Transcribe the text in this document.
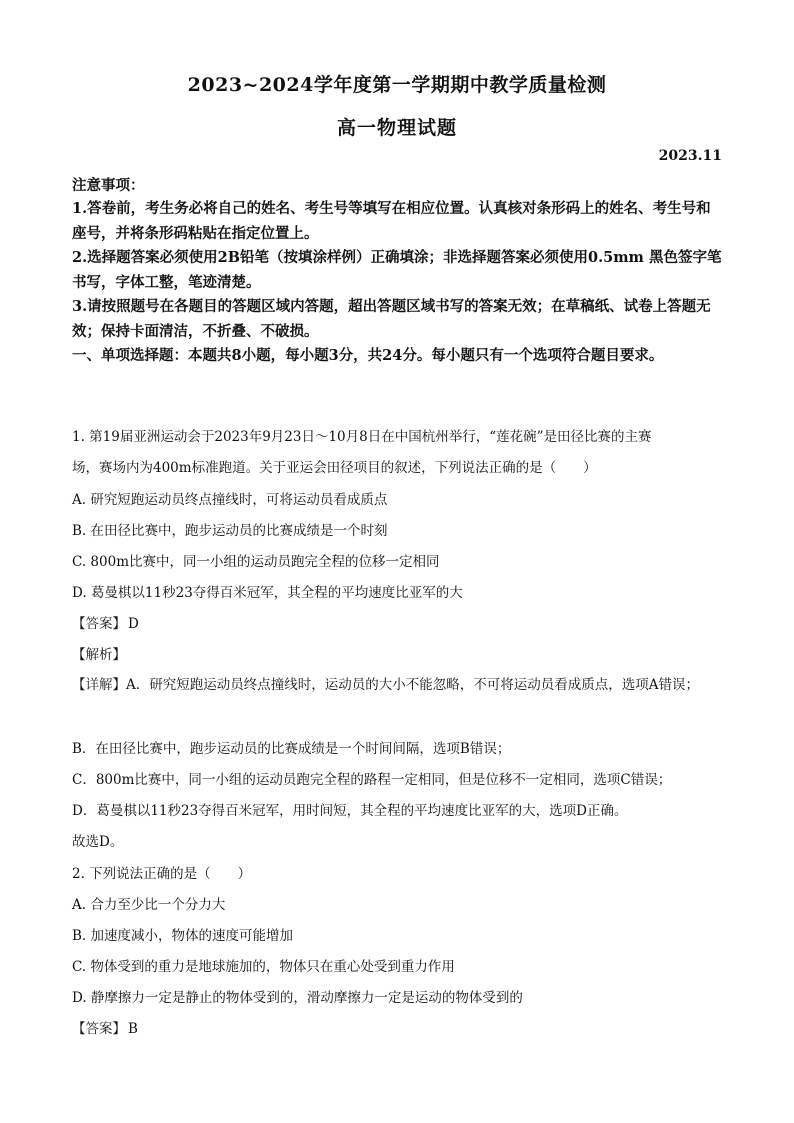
2023~2024学年度第一学期期中教学质量检测
高一物理试题
2023.11
注意事项：
1.答卷前，考生务必将自己的姓名、考生号等填写在相应位置。认真核对条形码上的姓名、考生号和座号，并将条形码粘贴在指定位置上。
2.选择题答案必须使用2B铅笔（按填涂样例）正确填涂；非选择题答案必须使用0.5mm 黑色签字笔书写，字体工整，笔迹清楚。
3.请按照题号在各题目的答题区域内答题，超出答题区域书写的答案无效；在草稿纸、试卷上答题无效；保持卡面清洁，不折叠、不破损。
一、单项选择题：本题共8小题，每小题3分，共24分。每小题只有一个选项符合题目要求。
1. 第19届亚洲运动会于2023年9月23日～10月8日在中国杭州举行，“莲花碗”是田径比赛的主赛
场，赛场内为400m标准跑道。关于亚运会田径项目的叙述，下列说法正确的是（　　）
A. 研究短跑运动员终点撞线时，可将运动员看成质点
B. 在田径比赛中，跑步运动员的比赛成绩是一个时刻
C. 800m比赛中，同一小组的运动员跑完全程的位移一定相同
D. 葛曼棋以11秒23夺得百米冠军，其全程的平均速度比亚军的大
【答案】 D
【解析】
【详解】A．研究短跑运动员终点撞线时，运动员的大小不能忽略，不可将运动员看成质点，选项A错误；
B．在田径比赛中，跑步运动员的比赛成绩是一个时间间隔，选项B错误；
C．800m比赛中，同一小组的运动员跑完全程的路程一定相同，但是位移不一定相同，选项C错误；
D．葛曼棋以11秒23夺得百米冠军，用时间短，其全程的平均速度比亚军的大，选项D正确。
故选D。
2. 下列说法正确的是（　　）
A. 合力至少比一个分力大
B. 加速度减小，物体的速度可能增加
C. 物体受到的重力是地球施加的，物体只在重心处受到重力作用
D. 静摩擦力一定是静止的物体受到的，滑动摩擦力一定是运动的物体受到的
【答案】 B
